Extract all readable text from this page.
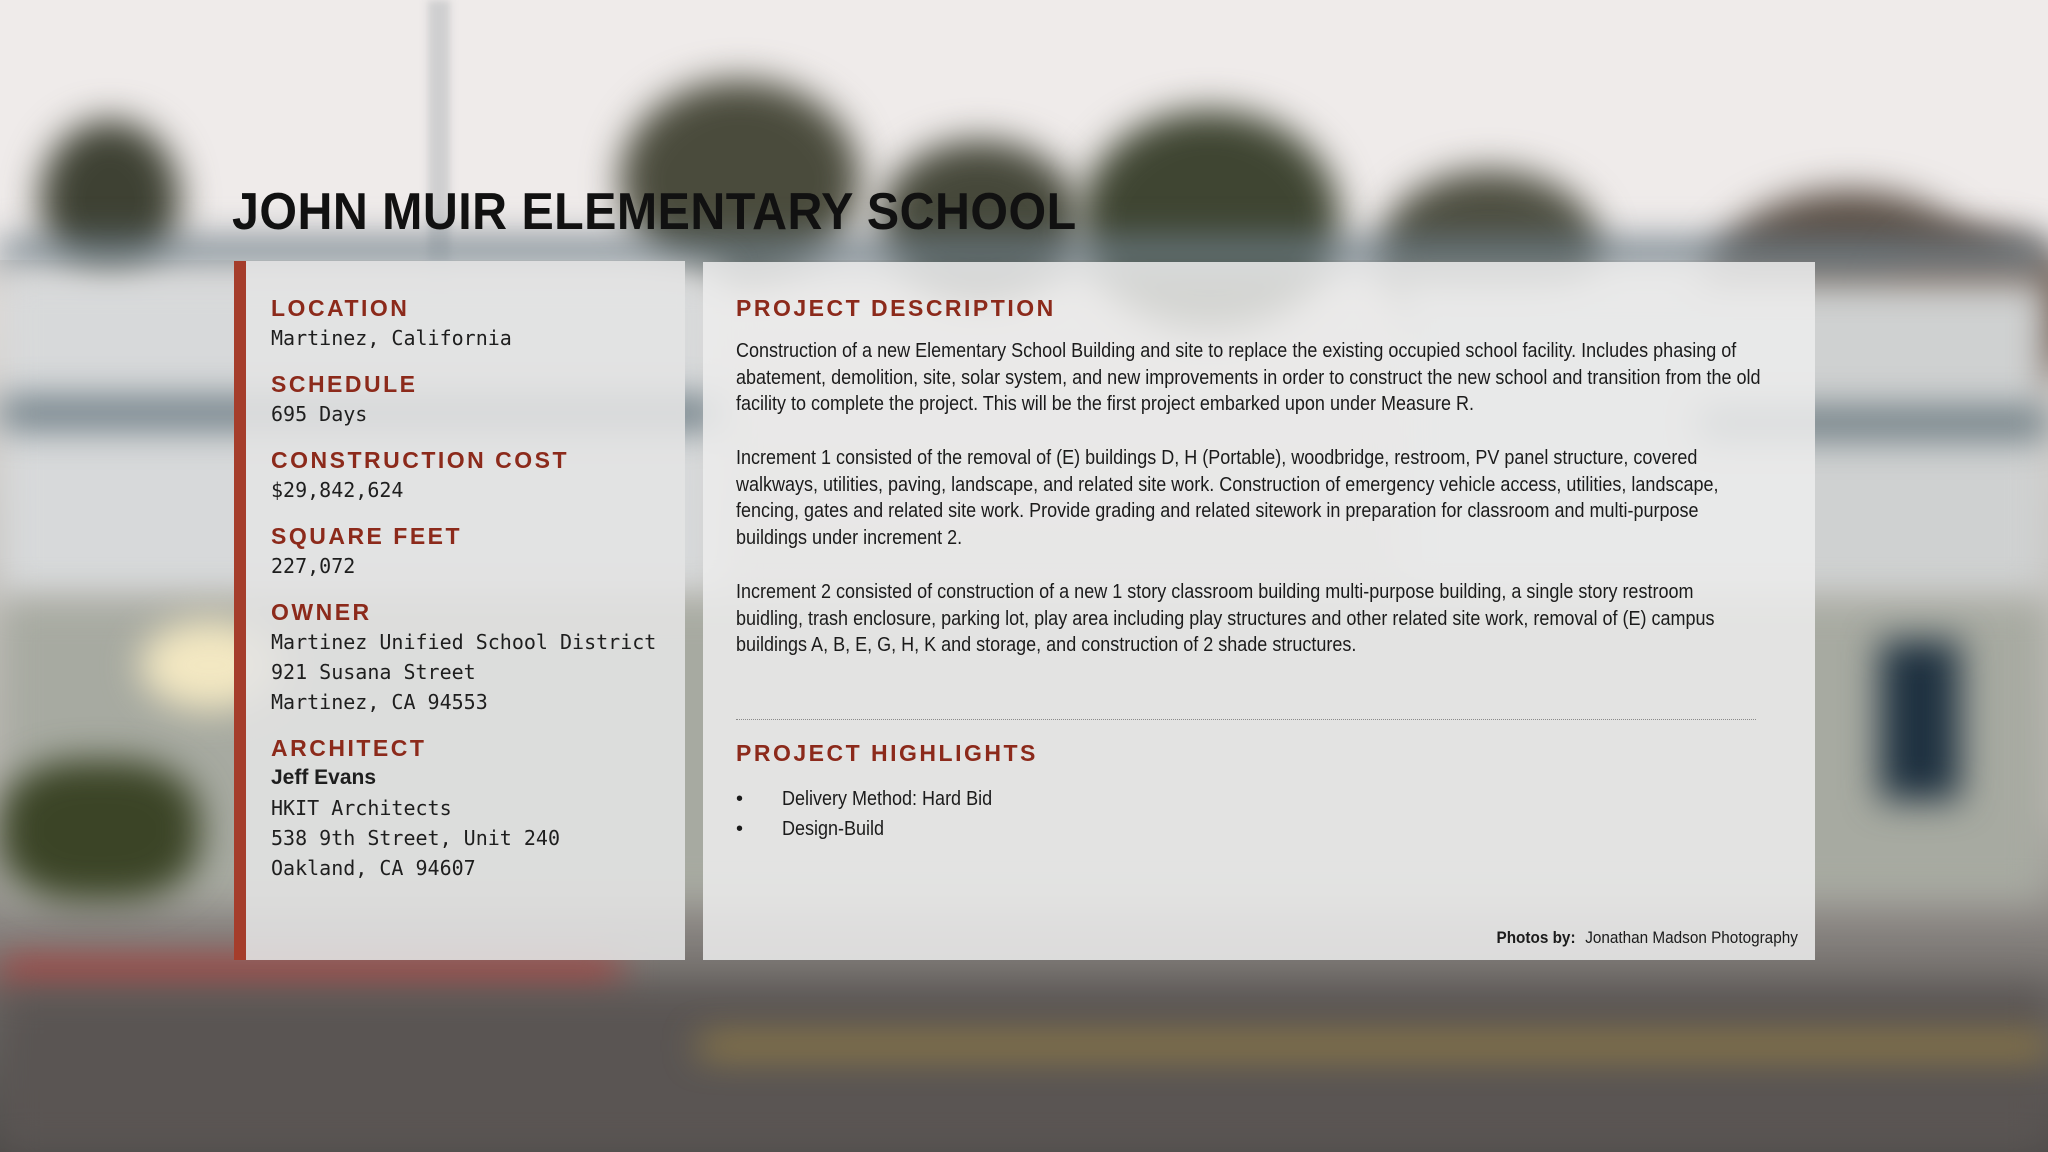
JOHN MUIR ELEMENTARY SCHOOL

LOCATION

Martinez, California

SCHEDULE

695 Days

CONSTRUCTION COST

$29,842,624

SQUARE FEET

227,072

OWNER

Martinez Unified School District

921 Susana Street

Martinez, CA 94553

ARCHITECT

Jeff Evans

HKIT Architects

538 9th Street, Unit 240

Oakland, CA 94607

PROJECT DESCRIPTION

Construction of a new Elementary School Building and site to replace the existing occupied school facility. Includes phasing of abatement, demolition, site, solar system, and new improvements in order to construct the new school and transition from the old facility to complete the project. This will be the first project embarked upon under Measure R.

Increment 1 consisted of the removal of (E) buildings D, H (Portable), woodbridge, restroom, PV panel structure, covered walkways, utilities, paving, landscape, and related site work. Construction of emergency vehicle access, utilities, landscape, fencing, gates and related site work. Provide grading and related sitework in preparation for classroom and multi-purpose buildings under increment 2.

Increment 2 consisted of construction of a new 1 story classroom building multi-purpose building, a single story restroom buidling, trash enclosure, parking lot, play area including play structures and other related site work, removal of (E) campus buildings A, B, E, G, H, K and storage, and construction of 2 shade structures.

PROJECT HIGHLIGHTS

• Delivery Method: Hard Bid
• Design-Build
Photos by: Jonathan Madson Photography
